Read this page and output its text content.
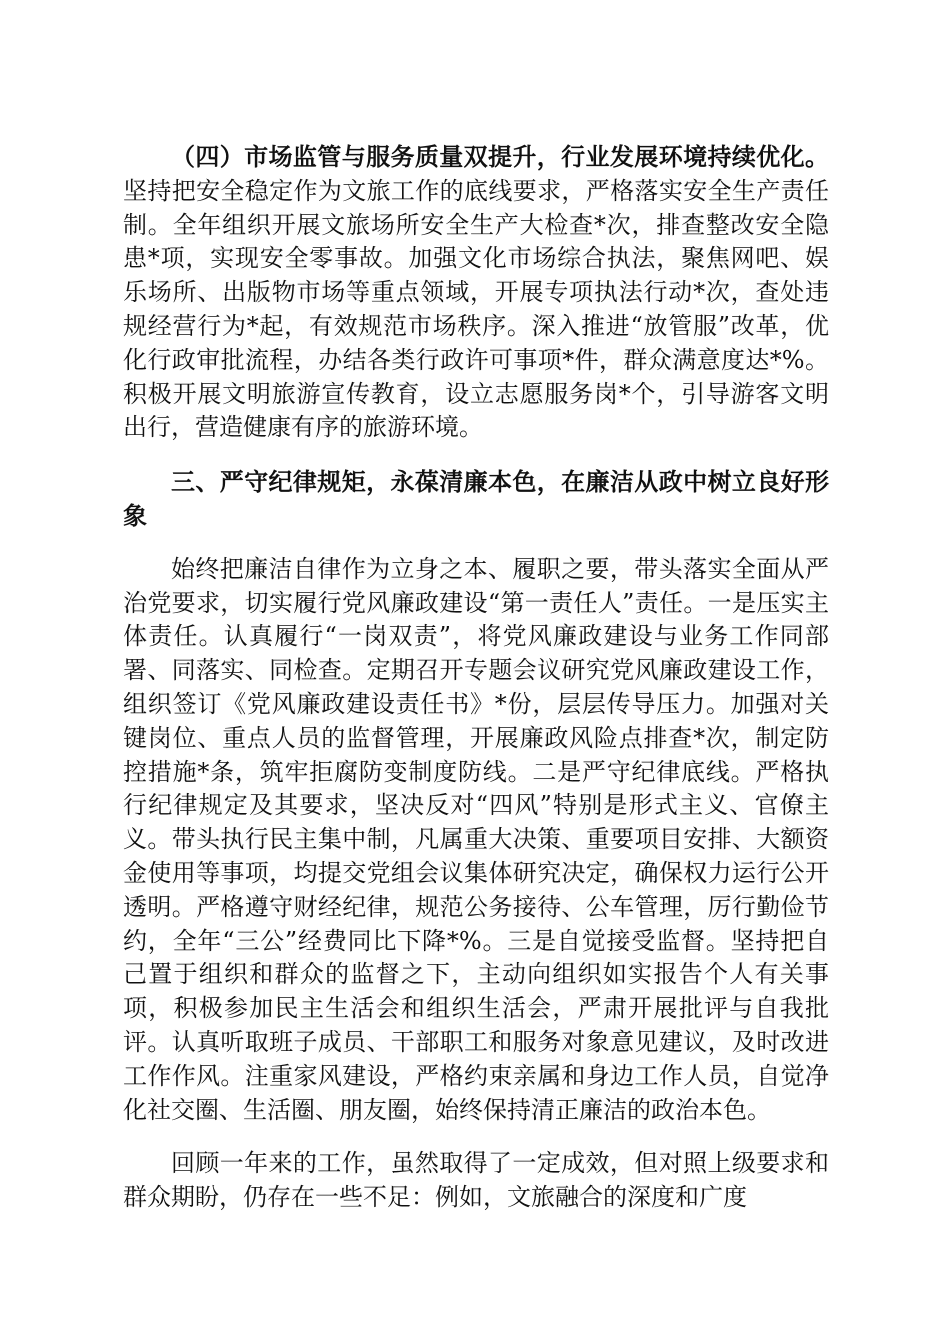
（四）市场监管与服务质量双提升，行业发展环境持续优化。坚持把安全稳定作为文旅工作的底线要求，严格落实安全生产责任制。全年组织开展文旅场所安全生产大检查*次，排查整改安全隐患*项，实现安全零事故。加强文化市场综合执法，聚焦网吧、娱乐场所、出版物市场等重点领域，开展专项执法行动*次，查处违规经营行为*起，有效规范市场秩序。深入推进“放管服”改革，优化行政审批流程，办结各类行政许可事项*件，群众满意度达*%。积极开展文明旅游宣传教育，设立志愿服务岗*个，引导游客文明出行，营造健康有序的旅游环境。

三、严守纪律规矩，永葆清廉本色，在廉洁从政中树立良好形象

始终把廉洁自律作为立身之本、履职之要，带头落实全面从严治党要求，切实履行党风廉政建设“第一责任人”责任。一是压实主体责任。认真履行“一岗双责”，将党风廉政建设与业务工作同部署、同落实、同检查。定期召开专题会议研究党风廉政建设工作，组织签订《党风廉政建设责任书》*份，层层传导压力。加强对关键岗位、重点人员的监督管理，开展廉政风险点排查*次，制定防控措施*条，筑牢拒腐防变制度防线。二是严守纪律底线。严格执行纪律规定及其要求，坚决反对“四风”特别是形式主义、官僚主义。带头执行民主集中制，凡属重大决策、重要项目安排、大额资金使用等事项，均提交党组会议集体研究决定，确保权力运行公开透明。严格遵守财经纪律，规范公务接待、公车管理，厉行勤俭节约，全年“三公”经费同比下降*%。三是自觉接受监督。坚持把自己置于组织和群众的监督之下，主动向组织如实报告个人有关事项，积极参加民主生活会和组织生活会，严肃开展批评与自我批评。认真听取班子成员、干部职工和服务对象意见建议，及时改进工作作风。注重家风建设，严格约束亲属和身边工作人员，自觉净化社交圈、生活圈、朋友圈，始终保持清正廉洁的政治本色。

回顾一年来的工作，虽然取得了一定成效，但对照上级要求和群众期盼，仍存在一些不足：例如，文旅融合的深度和广度
